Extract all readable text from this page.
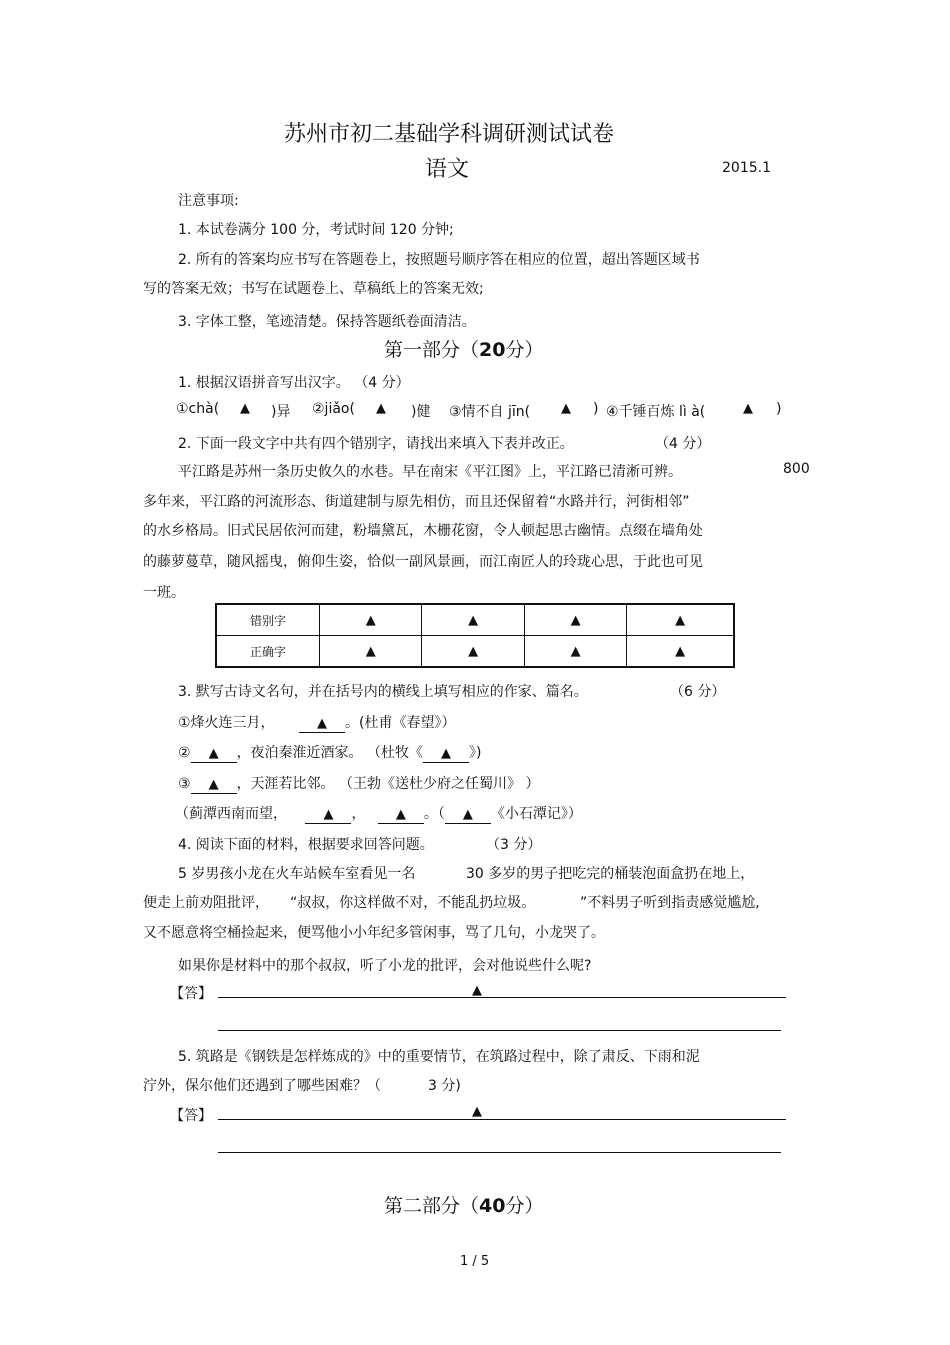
苏州市初二基础学科调研测试试卷
语文	2015.1
注意事项:
1. 本试卷满分 100 分，考试时间 120 分钟;
2. 所有的答案均应书写在答题卷上，按照题号顺序答在相应的位置，超出答题区域书
写的答案无效；书写在试题卷上、草稿纸上的答案无效;
3. 字体工整，笔迹清楚。保持答题纸卷面清洁。
第一部分（20分）
1. 根据汉语拼音写出汉字。 （4 分）
①chà( ▲ )异 ②jiǎo( ▲ )健 ③情不自 jīn( ▲ ) ④千锤百炼 lì à(	▲ )
2. 下面一段文字中共有四个错别字，请找出来填入下表并改正。	（4 分）
平江路是苏州一条历史攸久的水巷。早在南宋《平江图》上，平江路已清淅可辨。	800
多年来，平江路的河流形态、街道建制与原先相仿，而且还保留着“水路并行，河街相邻”
的水乡格局。旧式民居依河而建，粉墙黛瓦，木栅花窗，令人顿起思古幽情。点缀在墙角处
的藤萝蔓草，随风摇曳，俯仰生姿，恰似一副风景画，而江南匠人的玲珑心思，于此也可见
一班。
错别字	▲	▲	▲	▲
正确字	▲	▲	▲	▲
3. 默写古诗文名句，并在括号内的横线上填写相应的作家、篇名。	（6 分）
①烽火连三月，	▲ 。(杜甫《春望》）
② ▲ ，夜泊秦淮近酒家。 （杜牧《 ▲ 》)
③ ▲ ，天涯若比邻。 （王勃《送杜少府之任蜀川》 ）
（蓟潭西南而望，	▲ ， ▲ 。（ ▲ 《小石潭记》）
4. 阅读下面的材料，根据要求回答问题。	（3 分）
5 岁男孩小龙在火车站候车室看见一名	30 多岁的男子把吃完的桶装泡面盒扔在地上，
便走上前劝阻批评， “叔叔，你这样做不对，不能乱扔垃圾。	”不料男子听到指责感觉尴尬,
又不愿意将空桶捡起来，便骂他小小年纪多管闲事，骂了几句，小龙哭了。
如果你是材料中的那个叔叔，听了小龙的批评，会对他说些什么呢?
【答】	▲
5. 筑路是《钢铁是怎样炼成的》中的重要情节，在筑路过程中，除了肃反、下雨和泥
泞外，保尔他们还遇到了哪些困难？（	3 分)
【答】	▲
第二部分（40分）
1 / 5
